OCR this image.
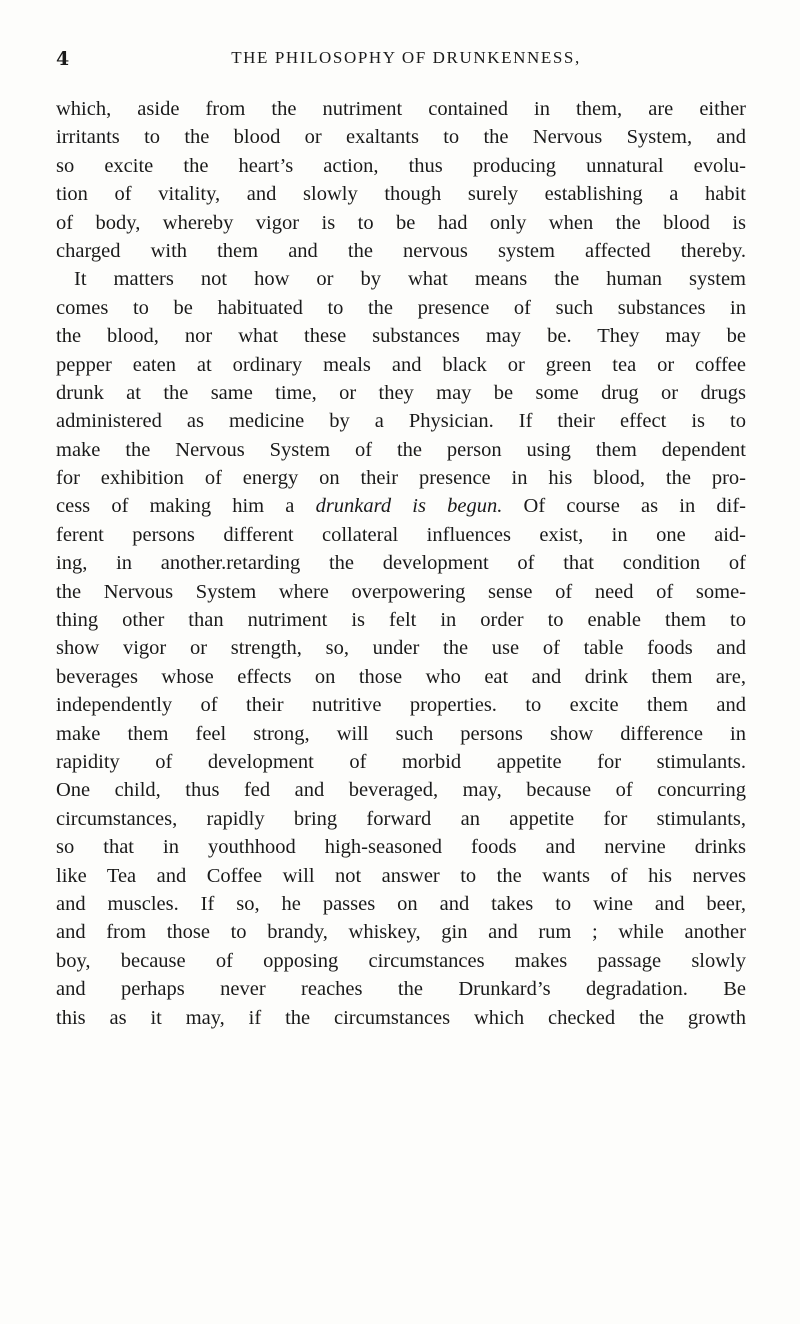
4	THE PHILOSOPHY OF DRUNKENNESS,
which, aside from the nutriment contained in them, are either
irritants to the blood or exaltants to the Nervous System, and
so excite the heart’s action, thus producing unnatural evolu-
tion of vitality, and slowly though surely establishing a habit
of body, whereby vigor is to be had only when the blood is
charged with them and the nervous system affected thereby.
It matters not how or by what means the human system
comes to be habituated to the presence of such substances in
the blood, nor what these substances may be. They may be
pepper eaten at ordinary meals and black or green tea or coffee
drunk at the same time, or they may be some drug or drugs
administered as medicine by a Physician. If their effect is to
make the Nervous System of the person using them dependent
for exhibition of energy on their presence in his blood, the pro-
cess of making him a drunkard is begun. Of course as in dif-
ferent persons different collateral influences exist, in one aid-
ing, in another.retarding the development of that condition of
the Nervous System where overpowering sense of need of some-
thing other than nutriment is felt in order to enable them to
show vigor or strength, so, under the use of table foods and
beverages whose effects on those who eat and drink them are,
independently of their nutritive properties. to excite them and
make them feel strong, will such persons show difference in
rapidity of development of morbid appetite for stimulants.
One child, thus fed and beveraged, may, because of concurring
circumstances, rapidly bring forward an appetite for stimulants,
so that in youthhood high-seasoned foods and nervine drinks
like Tea and Coffee will not answer to the wants of his nerves
and muscles. If so, he passes on and takes to wine and beer,
and from those to brandy, whiskey, gin and rum ; while another
boy, because of opposing circumstances makes passage slowly
and perhaps never reaches the Drunkard’s degradation. Be
this as it may, if the circumstances which checked the growth
